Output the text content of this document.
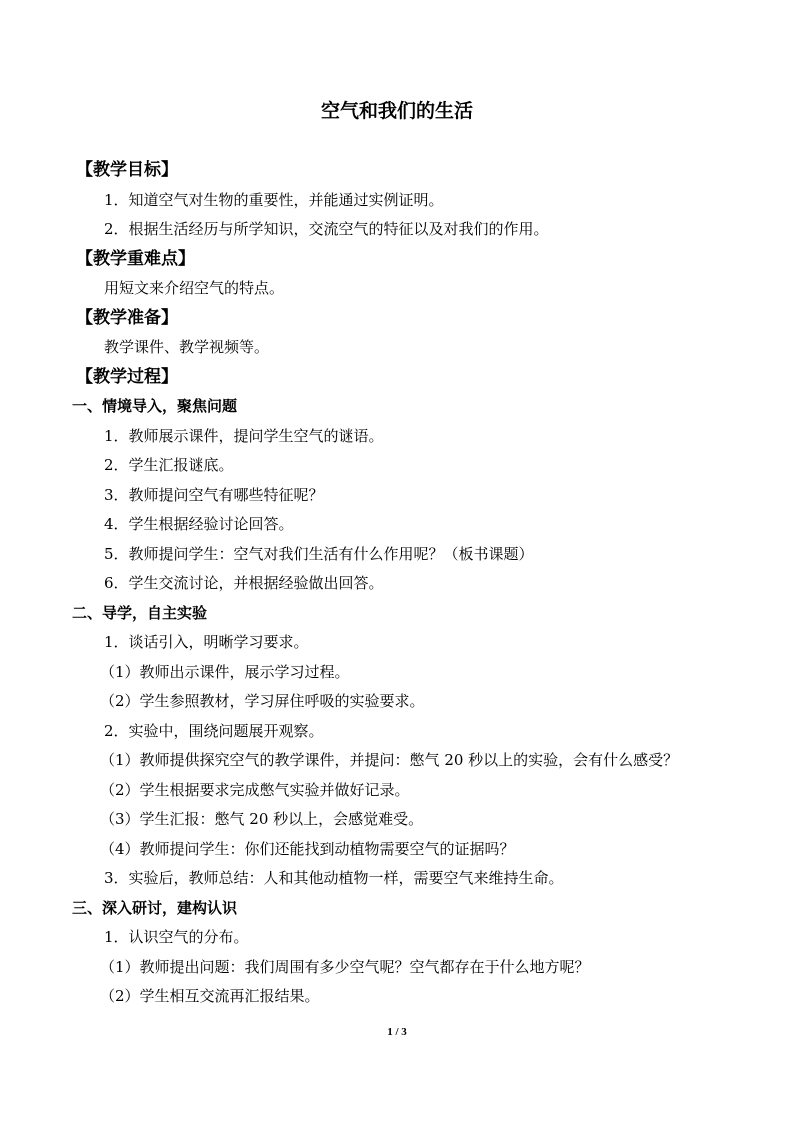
空气和我们的生活
【教学目标】
1．知道空气对生物的重要性，并能通过实例证明。
2．根据生活经历与所学知识，交流空气的特征以及对我们的作用。
【教学重难点】
用短文来介绍空气的特点。
【教学准备】
教学课件、教学视频等。
【教学过程】
一、情境导入，聚焦问题
1．教师展示课件，提问学生空气的谜语。
2．学生汇报谜底。
3．教师提问空气有哪些特征呢？
4．学生根据经验讨论回答。
5．教师提问学生：空气对我们生活有什么作用呢？（板书课题）
6．学生交流讨论，并根据经验做出回答。
二、导学，自主实验
1．谈话引入，明晰学习要求。
（1）教师出示课件，展示学习过程。
（2）学生参照教材，学习屏住呼吸的实验要求。
2．实验中，围绕问题展开观察。
（1）教师提供探究空气的教学课件，并提问：憋气 20 秒以上的实验，会有什么感受？
（2）学生根据要求完成憋气实验并做好记录。
（3）学生汇报：憋气 20 秒以上，会感觉难受。
（4）教师提问学生：你们还能找到动植物需要空气的证据吗？
3．实验后，教师总结：人和其他动植物一样，需要空气来维持生命。
三、深入研讨，建构认识
1．认识空气的分布。
（1）教师提出问题：我们周围有多少空气呢？空气都存在于什么地方呢？
（2）学生相互交流再汇报结果。
1 / 3
